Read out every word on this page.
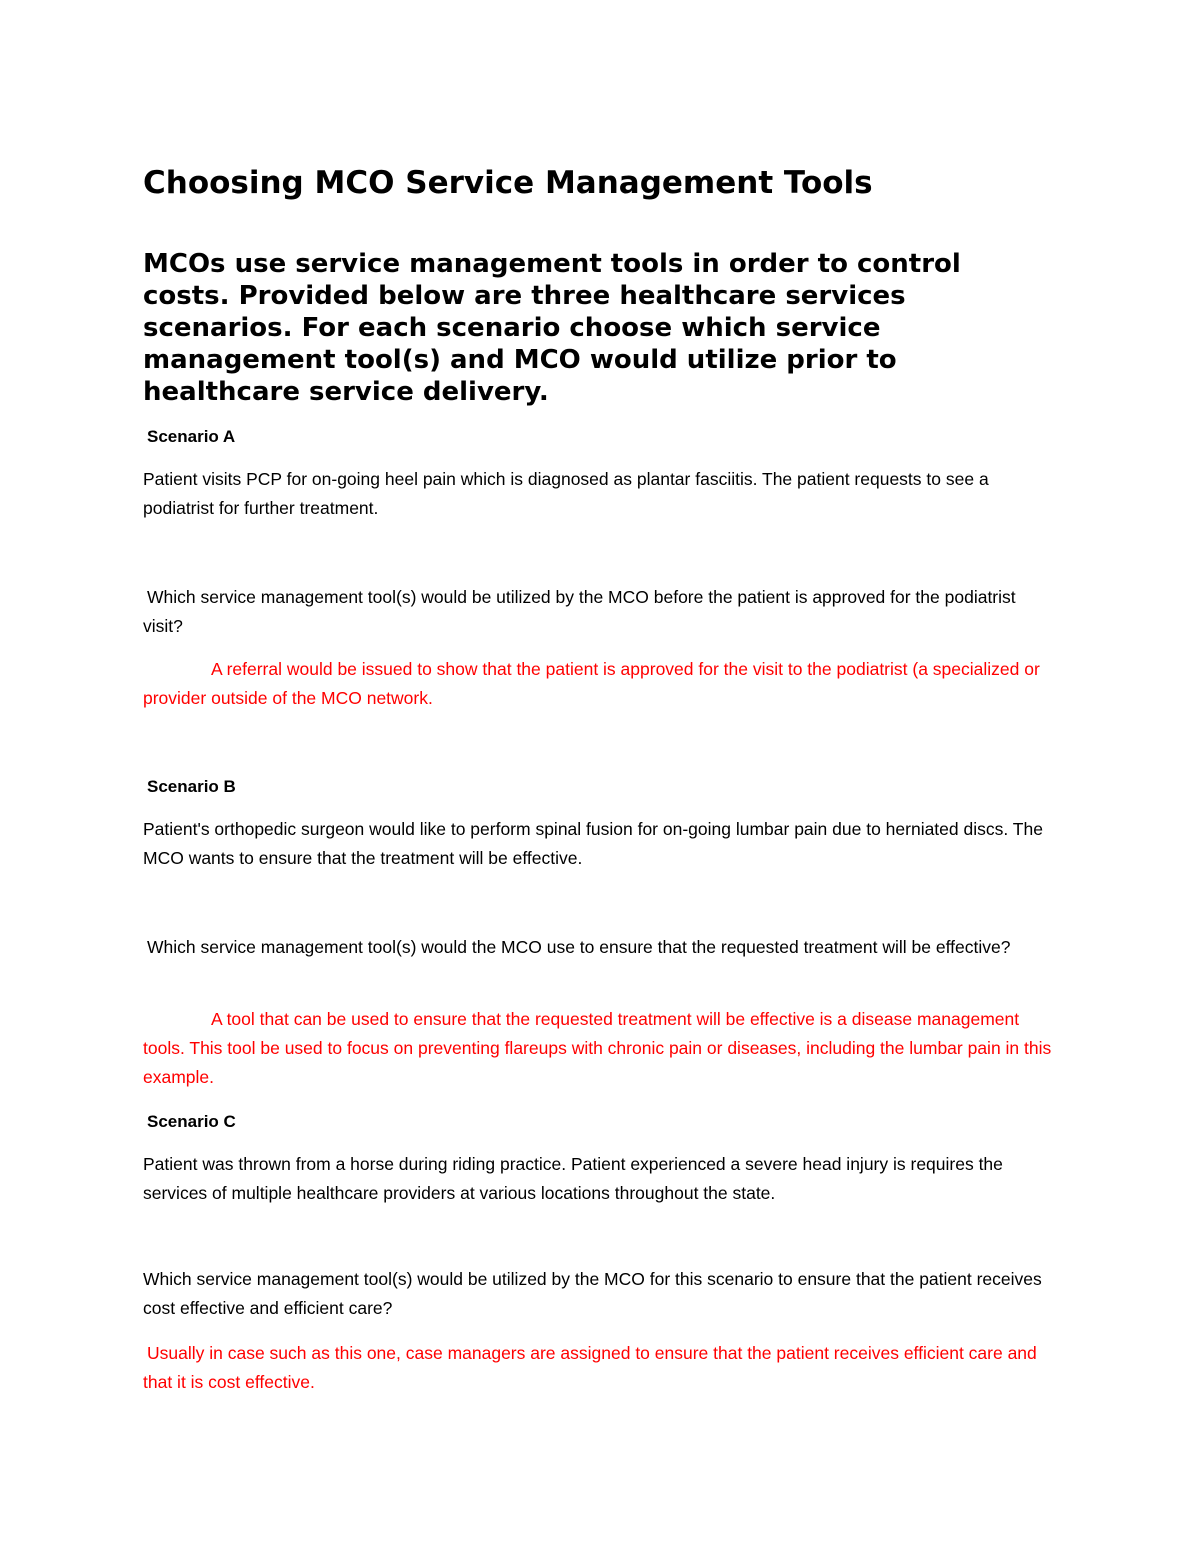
Choosing MCO Service Management Tools

MCOs use service management tools in order to control costs. Provided below are three healthcare services scenarios. For each scenario choose which service management tool(s) and MCO would utilize prior to healthcare service delivery.

Scenario A

Patient visits PCP for on-going heel pain which is diagnosed as plantar fasciitis. The patient requests to see a podiatrist for further treatment.

Which service management tool(s) would be utilized by the MCO before the patient is approved for the podiatrist visit?

A referral would be issued to show that the patient is approved for the visit to the podiatrist (a specialized or provider outside of the MCO network.

Scenario B

Patient's orthopedic surgeon would like to perform spinal fusion for on-going lumbar pain due to herniated discs. The MCO wants to ensure that the treatment will be effective.

Which service management tool(s) would the MCO use to ensure that the requested treatment will be effective?

A tool that can be used to ensure that the requested treatment will be effective is a disease management tools. This tool be used to focus on preventing flareups with chronic pain or diseases, including the lumbar pain in this example.

Scenario C

Patient was thrown from a horse during riding practice. Patient experienced a severe head injury is requires the services of multiple healthcare providers at various locations throughout the state.

Which service management tool(s) would be utilized by the MCO for this scenario to ensure that the patient receives cost effective and efficient care?

Usually in case such as this one, case managers are assigned to ensure that the patient receives efficient care and that it is cost effective.
